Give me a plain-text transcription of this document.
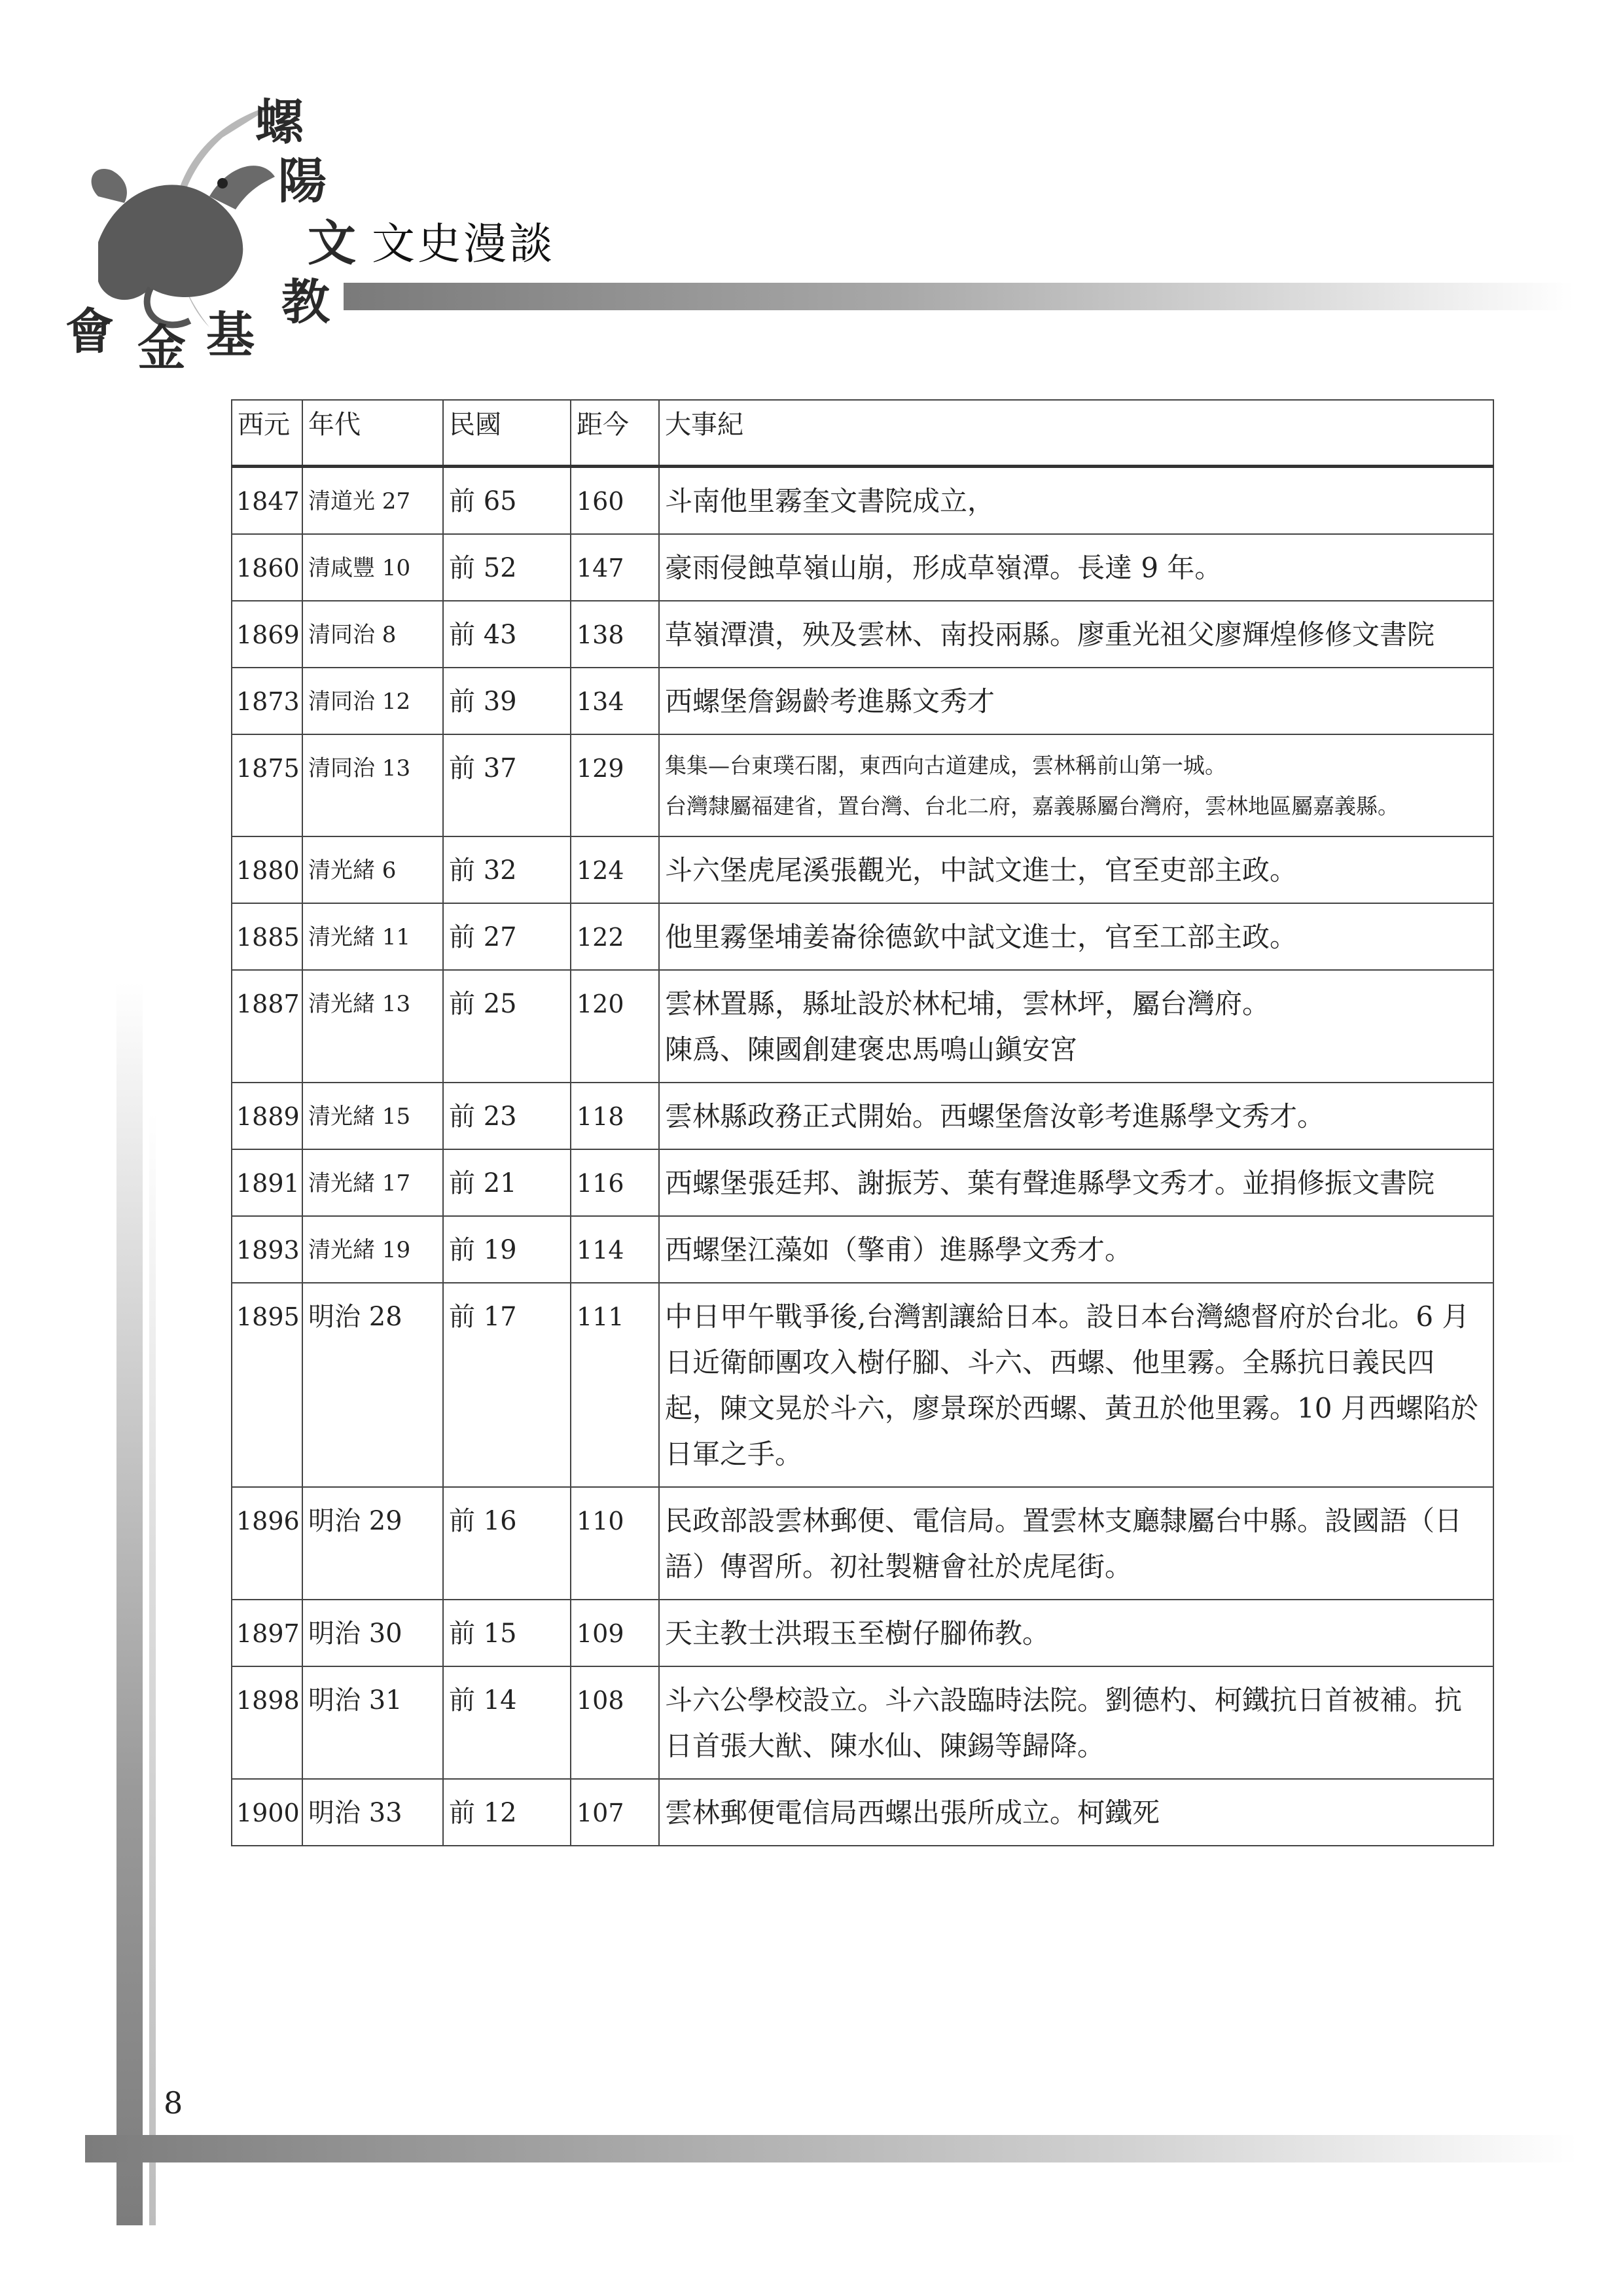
螺
陽
文
教
基
金
會
文史漫談
西元	年代	民國	距今	大事紀
1847	清道光 27	前 65	160	斗南他里霧奎文書院成立，

1860	清咸豐 10	前 52	147	豪雨侵蝕草嶺山崩，形成草嶺潭。長達 9 年。

1869	清同治 8	前 43	138	草嶺潭潰，殃及雲林、南投兩縣。廖重光祖父廖輝煌修修文書院

1873	清同治 12	前 39	134	西螺堡詹錫齡考進縣文秀才

1875	清同治 13	前 37	129	集集—台東璞石閣，東西向古道建成，雲林稱前山第一城。
台灣隸屬福建省，置台灣、台北二府，嘉義縣屬台灣府，雲林地區屬嘉義縣。

1880	清光緒 6	前 32	124	斗六堡虎尾溪張觀光，中試文進士，官至吏部主政。

1885	清光緒 11	前 27	122	他里霧堡埔姜崙徐德欽中試文進士，官至工部主政。

1887	清光緒 13	前 25	120	雲林置縣，縣址設於林杞埔，雲林坪，屬台灣府。
陳爲、陳國創建褒忠馬鳴山鎭安宮

1889	清光緒 15	前 23	118	雲林縣政務正式開始。西螺堡詹汝彰考進縣學文秀才。

1891	清光緒 17	前 21	116	西螺堡張廷邦、謝振芳、葉有聲進縣學文秀才。並捐修振文書院

1893	清光緒 19	前 19	114	西螺堡江藻如（擎甫）進縣學文秀才。

1895	明治 28	前 17	111	中日甲午戰爭後,台灣割讓給日本。設日本台灣總督府於台北。6 月日近衛師團攻入樹仔腳、斗六、西螺、他里霧。全縣抗日義民四起，陳文晃於斗六，廖景琛於西螺、黃丑於他里霧。10 月西螺陷於日軍之手。

1896	明治 29	前 16	110	民政部設雲林郵便、電信局。置雲林支廳隸屬台中縣。設國語（日語）傳習所。初社製糖會社於虎尾街。

1897	明治 30	前 15	109	天主教士洪瑕玉至樹仔腳佈教。

1898	明治 31	前 14	108	斗六公學校設立。斗六設臨時法院。劉德杓、柯鐵抗日首被補。抗日首張大猷、陳水仙、陳錫等歸降。

1900	明治 33	前 12	107	雲林郵便電信局西螺出張所成立。柯鐵死
8
